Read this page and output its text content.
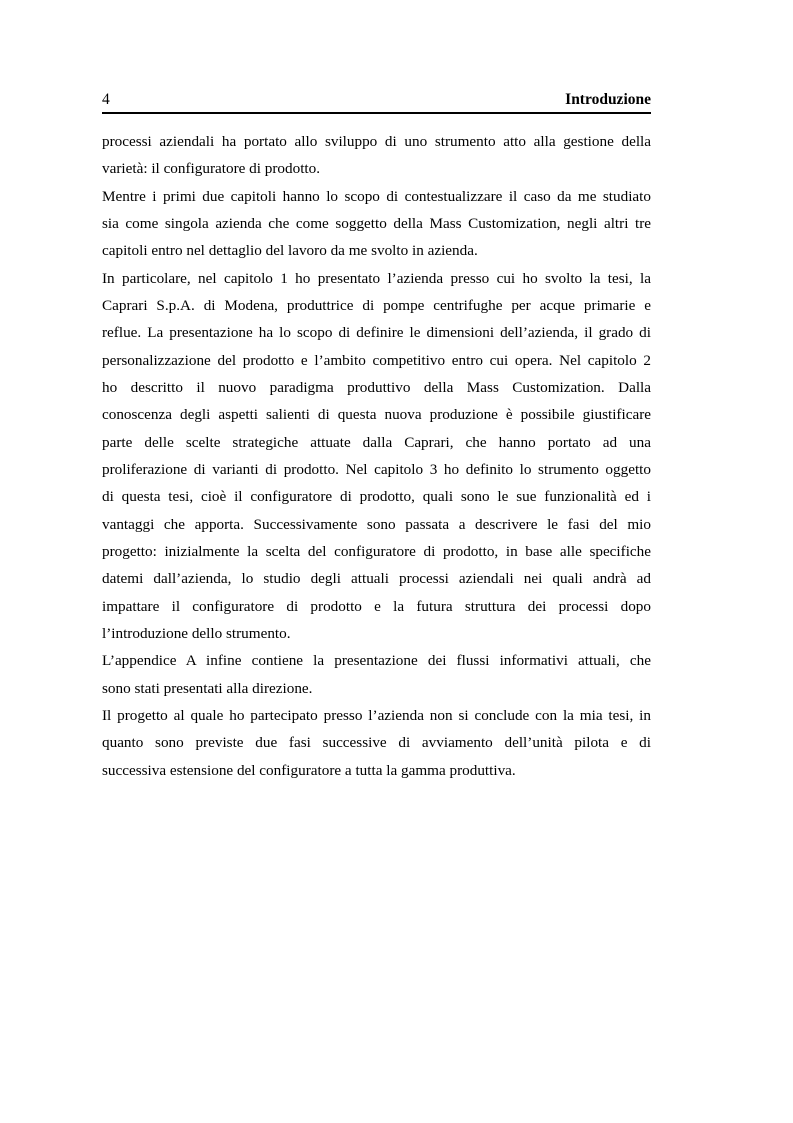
4	Introduzione
processi aziendali ha portato allo sviluppo di uno strumento atto alla gestione della
varietà: il configuratore di prodotto.
Mentre i primi due capitoli hanno lo scopo di contestualizzare il caso da me studiato
sia come singola azienda che come soggetto della Mass Customization, negli altri tre
capitoli entro nel dettaglio del lavoro da me svolto in azienda.
In particolare, nel capitolo 1 ho presentato l’azienda presso cui ho svolto la tesi, la
Caprari S.p.A. di Modena, produttrice di pompe centrifughe per acque primarie e
reflue. La presentazione ha lo scopo di definire le dimensioni dell’azienda, il grado di
personalizzazione del prodotto e l’ambito competitivo entro cui opera. Nel capitolo 2
ho descritto il nuovo paradigma produttivo della Mass Customization. Dalla
conoscenza degli aspetti salienti di questa nuova produzione è possibile giustificare
parte delle scelte strategiche attuate dalla Caprari, che hanno portato ad una
proliferazione di varianti di prodotto. Nel capitolo 3 ho definito lo strumento oggetto
di questa tesi, cioè il configuratore di prodotto, quali sono le sue funzionalità ed i
vantaggi che apporta. Successivamente sono passata a descrivere le fasi del mio
progetto: inizialmente la scelta del configuratore di prodotto, in base alle specifiche
datemi dall’azienda, lo studio degli attuali processi aziendali nei quali andrà ad
impattare il configuratore di prodotto e la futura struttura dei processi dopo
l’introduzione dello strumento.
L’appendice A infine contiene la presentazione dei flussi informativi attuali, che
sono stati presentati alla direzione.
Il progetto al quale ho partecipato presso l’azienda non si conclude con la mia tesi, in
quanto sono previste due fasi successive di avviamento dell’unità pilota e di
successiva estensione del configuratore a tutta la gamma produttiva.
